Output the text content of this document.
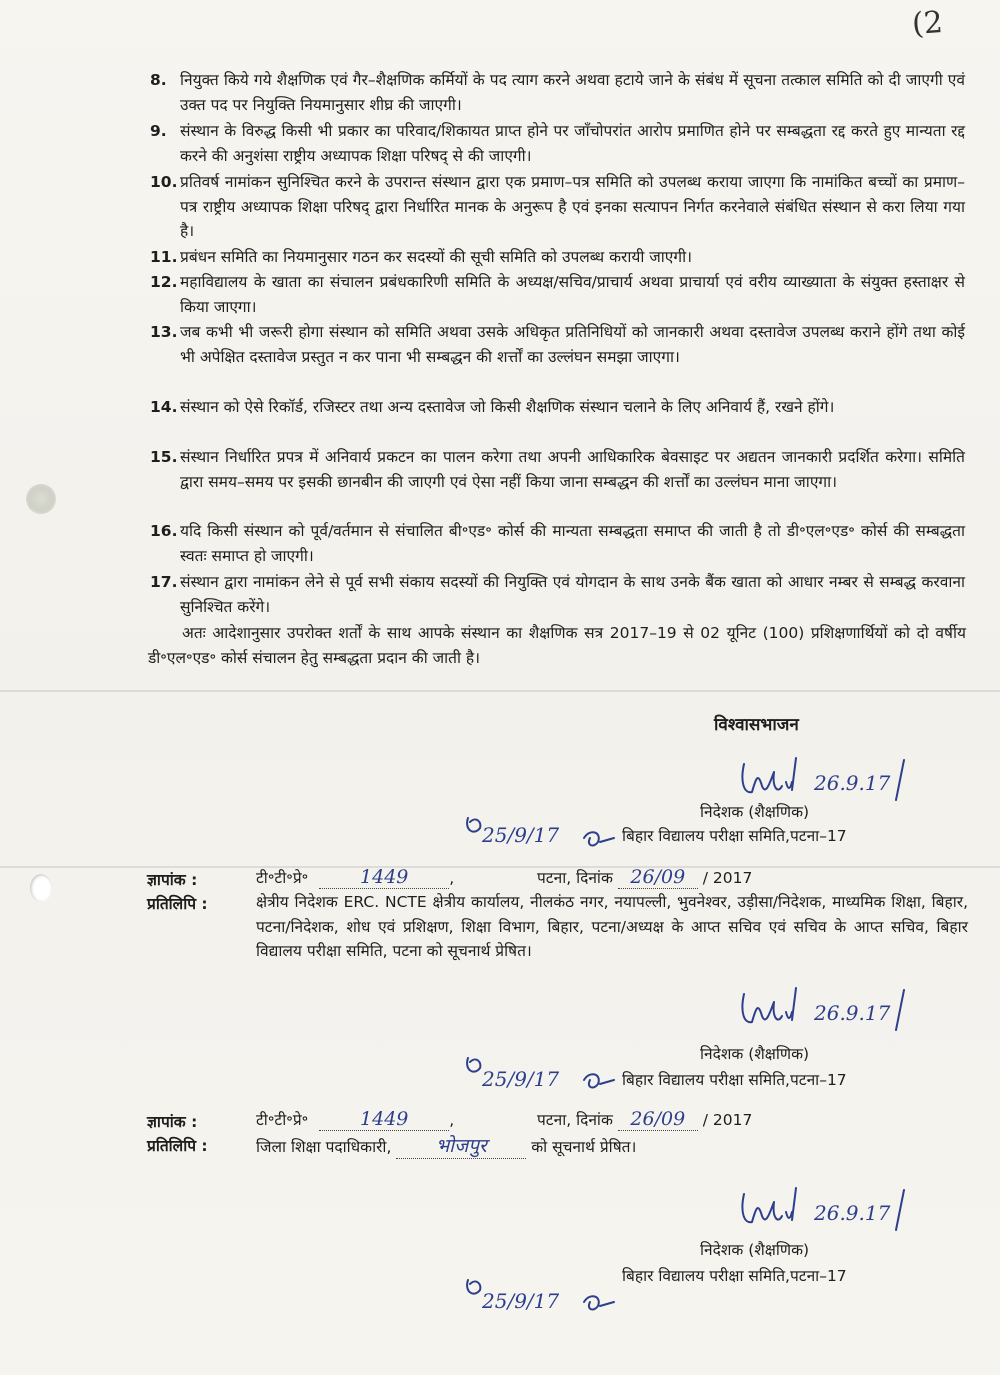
(2
8. नियुक्त किये गये शैक्षणिक एवं गैर–शैक्षणिक कर्मियों के पद त्याग करने अथवा हटाये जाने के संबंध में सूचना तत्काल समिति को दी जाएगी एवं उक्त पद पर नियुक्ति नियमानुसार शीघ्र की जाएगी।
9. संस्थान के विरुद्ध किसी भी प्रकार का परिवाद/शिकायत प्राप्त होने पर जाँचोपरांत आरोप प्रमाणित होने पर सम्बद्धता रद्द करते हुए मान्यता रद्द करने की अनुशंसा राष्ट्रीय अध्यापक शिक्षा परिषद् से की जाएगी।
10. प्रतिवर्ष नामांकन सुनिश्चित करने के उपरान्त संस्थान द्वारा एक प्रमाण–पत्र समिति को उपलब्ध कराया जाएगा कि नामांकित बच्चों का प्रमाण–पत्र राष्ट्रीय अध्यापक शिक्षा परिषद् द्वारा निर्धारित मानक के अनुरूप है एवं इनका सत्यापन निर्गत करनेवाले संबंधित संस्थान से करा लिया गया है।
11. प्रबंधन समिति का नियमानुसार गठन कर सदस्यों की सूची समिति को उपलब्ध करायी जाएगी।
12. महाविद्यालय के खाता का संचालन प्रबंधकारिणी समिति के अध्यक्ष/सचिव/प्राचार्य अथवा प्राचार्या एवं वरीय व्याख्याता के संयुक्त हस्ताक्षर से किया जाएगा।
13. जब कभी भी जरूरी होगा संस्थान को समिति अथवा उसके अधिकृत प्रतिनिधियों को जानकारी अथवा दस्तावेज उपलब्ध कराने होंगे तथा कोई भी अपेक्षित दस्तावेज प्रस्तुत न कर पाना भी सम्बद्धन की शर्त्तों का उल्लंघन समझा जाएगा।
14. संस्थान को ऐसे रिकॉर्ड, रजिस्टर तथा अन्य दस्तावेज जो किसी शैक्षणिक संस्थान चलाने के लिए अनिवार्य हैं, रखने होंगे।
15. संस्थान निर्धारित प्रपत्र में अनिवार्य प्रकटन का पालन करेगा तथा अपनी आधिकारिक बेवसाइट पर अद्यतन जानकारी प्रदर्शित करेगा। समिति द्वारा समय–समय पर इसकी छानबीन की जाएगी एवं ऐसा नहीं किया जाना सम्बद्धन की शर्त्तों का उल्लंघन माना जाएगा।
16. यदि किसी संस्थान को पूर्व/वर्तमान से संचालित बी॰एड॰ कोर्स की मान्यता सम्बद्धता समाप्त की जाती है तो डी॰एल॰एड॰ कोर्स की सम्बद्धता स्वतः समाप्त हो जाएगी।
17. संस्थान द्वारा नामांकन लेने से पूर्व सभी संकाय सदस्यों की नियुक्ति एवं योगदान के साथ उनके बैंक खाता को आधार नम्बर से सम्बद्ध करवाना सुनिश्चित करेंगे।
अतः आदेशानुसार उपरोक्त शर्तों के साथ आपके संस्थान का शैक्षणिक सत्र 2017–19 से 02 यूनिट (100) प्रशिक्षणार्थियों को दो वर्षीय डी॰एल॰एड॰ कोर्स संचालन हेतु सम्बद्धता प्रदान की जाती है।
विश्वासभाजन
26.9.17
निदेशक (शैक्षणिक)
25/9/17	बिहार विद्यालय परीक्षा समिति,पटना–17
ज्ञापांक :	टी॰टी॰प्रे॰	1449	,	पटना, दिनांक 26/09 / 2017
प्रतिलिपि :	क्षेत्रीय निदेशक ERC. NCTE क्षेत्रीय कार्यालय, नीलकंठ नगर, नयापल्ली, भुवनेश्वर, उड़ीसा/निदेशक, माध्यमिक शिक्षा, बिहार, पटना/निदेशक, शोध एवं प्रशिक्षण, शिक्षा विभाग, बिहार, पटना/अध्यक्ष के आप्त सचिव एवं सचिव के आप्त सचिव, बिहार विद्यालय परीक्षा समिति, पटना को सूचनार्थ प्रेषित।
26.9.17
निदेशक (शैक्षणिक)
25/9/17	बिहार विद्यालय परीक्षा समिति,पटना–17
ज्ञापांक :	टी॰टी॰प्रे॰	1449	,	पटना, दिनांक 26/09 / 2017
प्रतिलिपि :	जिला शिक्षा पदाधिकारी, भोजपुर	को सूचनार्थ प्रेषित।
26.9.17
निदेशक (शैक्षणिक)
बिहार विद्यालय परीक्षा समिति,पटना–17
25/9/17
